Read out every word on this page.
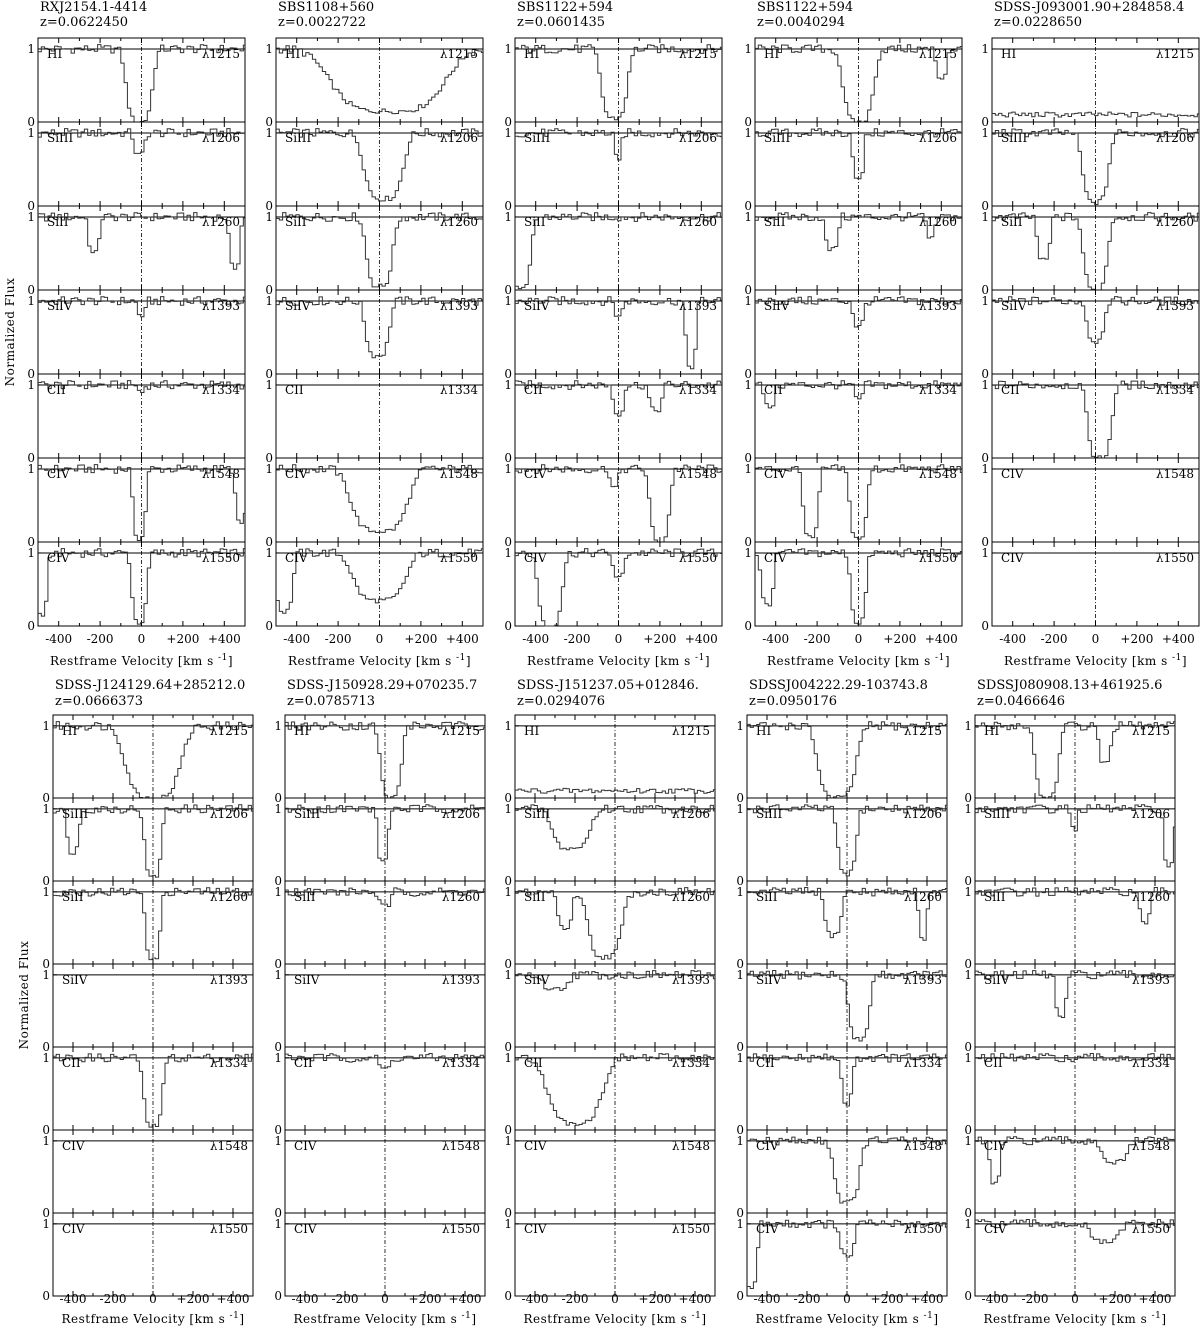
Normalized Flux
RXJ2154.1-4414
z=0.0622450
0
1 HI	λ1215
0
1 SiIII	λ1206
0
1 SiII	λ1260
0
1 SiIV	λ1393
0
1 CII	λ1334
0
1 CIV	λ1548
0
1 CIV	λ1550
-400 -200 0 +200 +400
Restframe Velocity [km s $^{-1}$]
SBS1108+560
z=0.0022722
0
1 HI	λ1215
0
1 SiIII	λ1206
0
1 SiII	λ1260
0
1 SiIV	λ1393
0
1 CII	λ1334
0
1 CIV	λ1548
0
1 CIV	λ1550
-400 -200 0 +200 +400
Restframe Velocity [km s $^{-1}$]
SBS1122+594
z=0.0601435
0
1 HI	λ1215
0
1 SiIII	λ1206
0
1 SiII	λ1260
0
1 SiIV	λ1393
0
1 CII	λ1334
0
1 CIV	λ1548
0
1 CIV	λ1550
-400 -200 0 +200 +400
Restframe Velocity [km s $^{-1}$]
SBS1122+594
z=0.0040294
0
1 HI	λ1215
0
1 SiIII	λ1206
0
1 SiII	λ1260
0
1 SiIV	λ1393
0
1 CII	λ1334
0
1 CIV	λ1548
0
1 CIV	λ1550
-400 -200 0 +200 +400
Restframe Velocity [km s $^{-1}$]
SDSS-J093001.90+284858.4
z=0.0228650
0
1 HI	λ1215
0
1 SiIII	λ1206
0
1 SiII	λ1260
0
1 SiIV	λ1393
0
1 CII	λ1334
0
1 CIV	λ1548
0
1 CIV	λ1550
-400 -200 0 +200 +400
Restframe Velocity [km s $^{-1}$]
Normalized Flux
SDSS-J124129.64+285212.0
z=0.0666373
0
1 HI	λ1215
0
1 SiIII	λ1206
0
1 SiII	λ1260
0
1 SiIV	λ1393
0
1 CII	λ1334
0
1 CIV	λ1548
0
1 CIV	λ1550
-400 -200 0 +200 +400
Restframe Velocity [km s $^{-1}$]
SDSS-J150928.29+070235.7
z=0.0785713
0
1 HI	λ1215
0
1 SiIII	λ1206
0
1 SiII	λ1260
0
1 SiIV	λ1393
0
1 CII	λ1334
0
1 CIV	λ1548
0
1 CIV	λ1550
-400 -200 0 +200 +400
Restframe Velocity [km s $^{-1}$]
SDSS-J151237.05+012846.
z=0.0294076
0
1 HI	λ1215
0
1 SiIII	λ1206
0
1 SiII	λ1260
0
1 SiIV	λ1393
0
1 CII	λ1334
0
1 CIV	λ1548
0
1 CIV	λ1550
-400 -200 0 +200 +400
Restframe Velocity [km s $^{-1}$]
SDSSJ004222.29-103743.8
z=0.0950176
0
1 HI	λ1215
0
1 SiIII	λ1206
0
1 SiII	λ1260
0
1 SiIV	λ1393
0
1 CII	λ1334
0
1 CIV	λ1548
0
1 CIV	λ1550
-400 -200 0 +200 +400
Restframe Velocity [km s $^{-1}$]
SDSSJ080908.13+461925.6
z=0.0466646
0
1 HI	λ1215
0
1 SiIII	λ1206
0
1 SiII	λ1260
0
1 SiIV	λ1393
0
1 CII	λ1334
0
1 CIV	λ1548
0
1 CIV	λ1550
-400 -200 0 +200 +400
Restframe Velocity [km s $^{-1}$]
